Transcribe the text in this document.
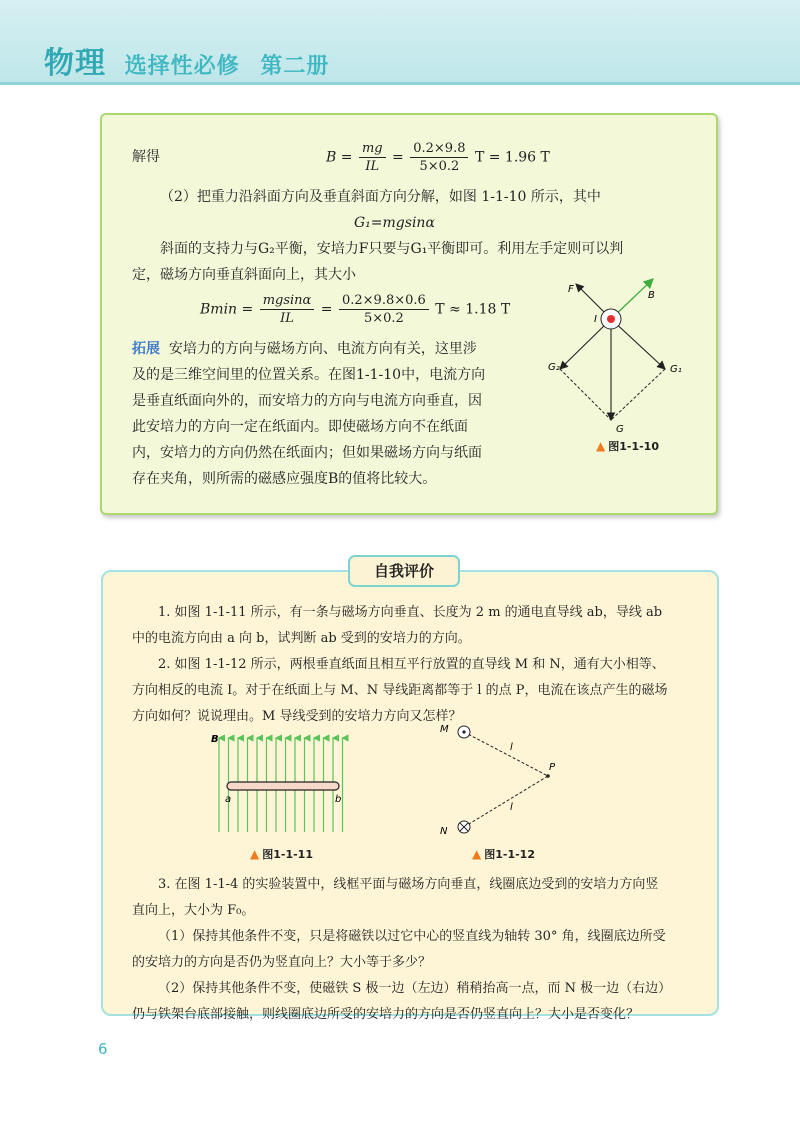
物理 选择性必修 第二册
解得	$B = \frac{mg}{IL} = \frac{0.2\times 9.8}{5\times 0.2}$ T = 1.96 T
（2）把重力沿斜面方向及垂直斜面方向分解，如图 1-1-10 所示，其中
G₁=mgsinα
斜面的支持力与G₂平衡，安培力F只要与G₁平衡即可。利用左手定则可以判
定，磁场方向垂直斜面向上，其大小
$Bmin = \frac{mgsin\alpha}{IL} = \frac{0.2\times 9.8\times 0.6}{5\times 0.2}$ T ≈ 1.18 T
拓展 安培力的方向与磁场方向、电流方向有关，这里涉
及的是三维空间里的位置关系。在图1-1-10中，电流方向
是垂直纸面向外的，而安培力的方向与电流方向垂直，因
此安培力的方向一定在纸面内。即使磁场方向不在纸面
内，安培力的方向仍然在纸面内；但如果磁场方向与纸面
存在夹角，则所需的磁感应强度B的值将比较大。
F
B
I
G₂	G₁
G
▲ 图1-1-10
自我评价
1. 如图 1-1-11 所示，有一条与磁场方向垂直、长度为 2 m 的通电直导线 ab，导线 ab
中的电流方向由 a 向 b，试判断 ab 受到的安培力的方向。
2. 如图 1-1-12 所示，两根垂直纸面且相互平行放置的直导线 M 和 N，通有大小相等、
方向相反的电流 I。对于在纸面上与 M、N 导线距离都等于 l 的点 P，电流在该点产生的磁场
方向如何？说说理由。M 导线受到的安培力方向又怎样？
B
a	b
▲ 图1-1-11
M
N
P
l
l
▲ 图1-1-12
3. 在图 1-1-4 的实验装置中，线框平面与磁场方向垂直，线圈底边受到的安培力方向竖
直向上，大小为 F₀。
（1）保持其他条件不变，只是将磁铁以过它中心的竖直线为轴转 30° 角，线圈底边所受
的安培力的方向是否仍为竖直向上？大小等于多少？
（2）保持其他条件不变，使磁铁 S 极一边（左边）稍稍抬高一点，而 N 极一边（右边）
仍与铁架台底部接触，则线圈底边所受的安培力的方向是否仍竖直向上？大小是否变化？
6
